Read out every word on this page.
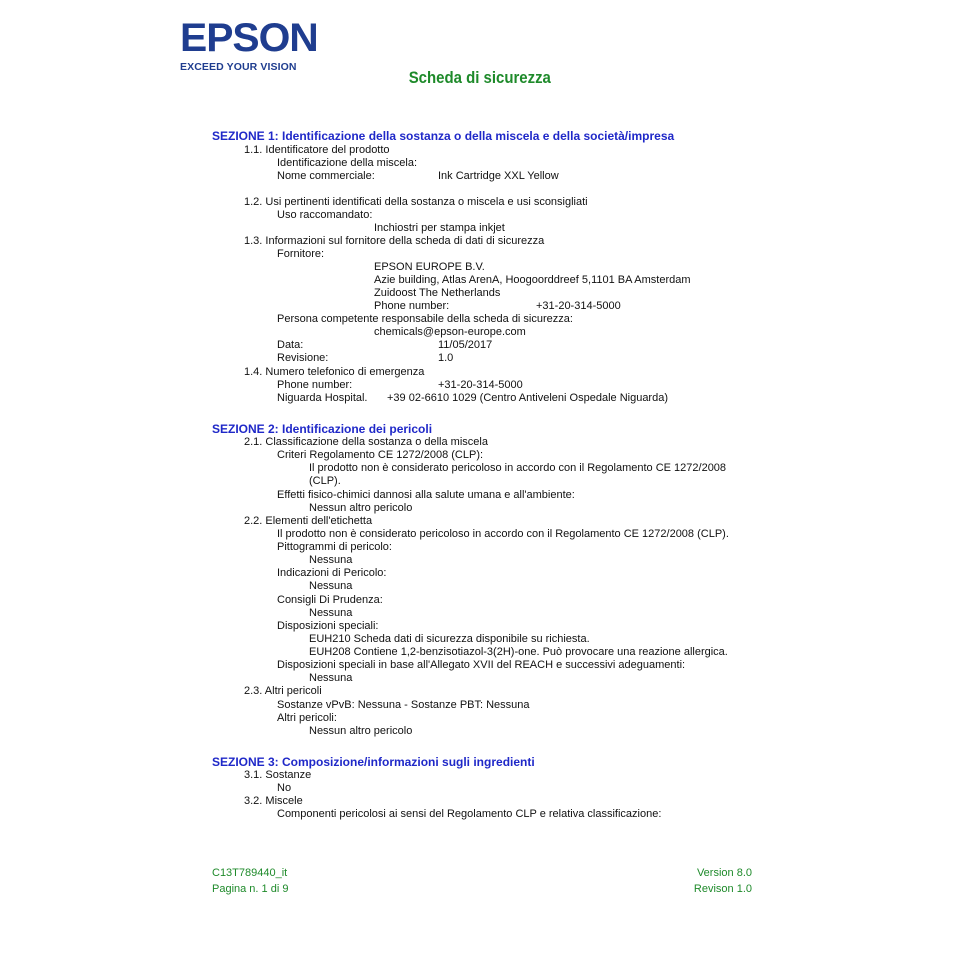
EPSON
EXCEED YOUR VISION
Scheda di sicurezza
SEZIONE 1: Identificazione della sostanza o della miscela e della società/impresa
1.1. Identificatore del prodotto
Identificazione della miscela:
Nome commerciale:	Ink Cartridge XXL Yellow
1.2. Usi pertinenti identificati della sostanza o miscela e usi sconsigliati
Uso raccomandato:
Inchiostri per stampa inkjet
1.3. Informazioni sul fornitore della scheda di dati di sicurezza
Fornitore:
EPSON EUROPE B.V.
Azie building, Atlas ArenA, Hoogoorddreef 5,1101 BA Amsterdam
Zuidoost The Netherlands
Phone number:	+31-20-314-5000
Persona competente responsabile della scheda di sicurezza:
chemicals@epson-europe.com
Data:	11/05/2017
Revisione:	1.0
1.4. Numero telefonico di emergenza
Phone number:	+31-20-314-5000
Niguarda Hospital. +39 02-6610 1029 (Centro Antiveleni Ospedale Niguarda)
SEZIONE 2: Identificazione dei pericoli
2.1. Classificazione della sostanza o della miscela
Criteri Regolamento CE 1272/2008 (CLP):
Il prodotto non è considerato pericoloso in accordo con il Regolamento CE 1272/2008
(CLP).
Effetti fisico-chimici dannosi alla salute umana e all'ambiente:
Nessun altro pericolo
2.2. Elementi dell'etichetta
Il prodotto non è considerato pericoloso in accordo con il Regolamento CE 1272/2008 (CLP).
Pittogrammi di pericolo:
Nessuna
Indicazioni di Pericolo:
Nessuna
Consigli Di Prudenza:
Nessuna
Disposizioni speciali:
EUH210 Scheda dati di sicurezza disponibile su richiesta.
EUH208 Contiene 1,2-benzisotiazol-3(2H)-one. Può provocare una reazione allergica.
Disposizioni speciali in base all'Allegato XVII del REACH e successivi adeguamenti:
Nessuna
2.3. Altri pericoli
Sostanze vPvB: Nessuna - Sostanze PBT: Nessuna
Altri pericoli:
Nessun altro pericolo
SEZIONE 3: Composizione/informazioni sugli ingredienti
3.1. Sostanze
No
3.2. Miscele
Componenti pericolosi ai sensi del Regolamento CLP e relativa classificazione:
C13T789440_it
Pagina n. 1 di 9
Version 8.0
Revison 1.0
